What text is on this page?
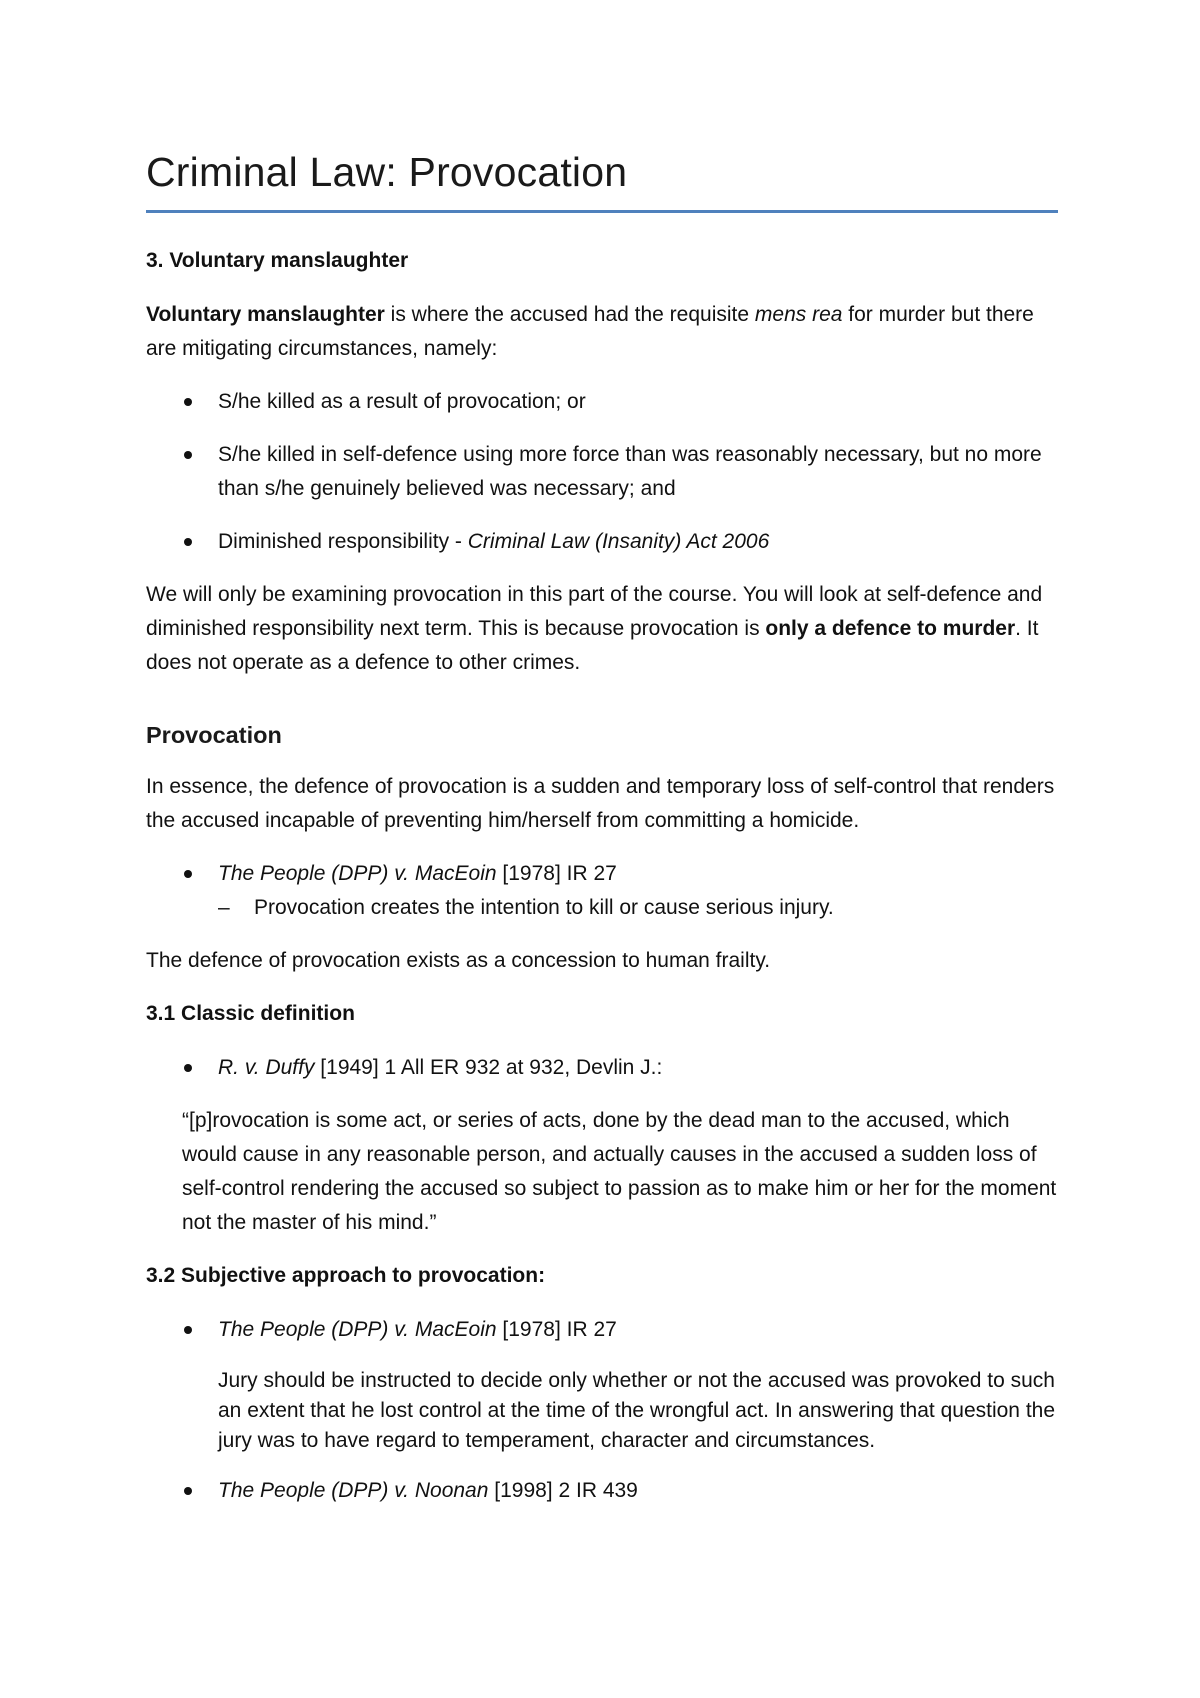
Criminal Law: Provocation

3. Voluntary manslaughter

Voluntary manslaughter is where the accused had the requisite mens rea for murder but there are mitigating circumstances, namely:

S/he killed as a result of provocation; or
S/he killed in self-defence using more force than was reasonably necessary, but no more than s/he genuinely believed was necessary; and
Diminished responsibility - Criminal Law (Insanity) Act 2006

We will only be examining provocation in this part of the course. You will look at self-defence and diminished responsibility next term. This is because provocation is only a defence to murder. It does not operate as a defence to other crimes.

Provocation

In essence, the defence of provocation is a sudden and temporary loss of self-control that renders the accused incapable of preventing him/herself from committing a homicide.

The People (DPP) v. MacEoin [1978] IR 27
– Provocation creates the intention to kill or cause serious injury.

The defence of provocation exists as a concession to human frailty.

3.1 Classic definition

R. v. Duffy [1949] 1 All ER 932 at 932, Devlin J.:

“[p]rovocation is some act, or series of acts, done by the dead man to the accused, which would cause in any reasonable person, and actually causes in the accused a sudden loss of self-control rendering the accused so subject to passion as to make him or her for the moment not the master of his mind.”

3.2 Subjective approach to provocation:

The People (DPP) v. MacEoin [1978] IR 27

Jury should be instructed to decide only whether or not the accused was provoked to such an extent that he lost control at the time of the wrongful act. In answering that question the jury was to have regard to temperament, character and circumstances.

The People (DPP) v. Noonan [1998] 2 IR 439
